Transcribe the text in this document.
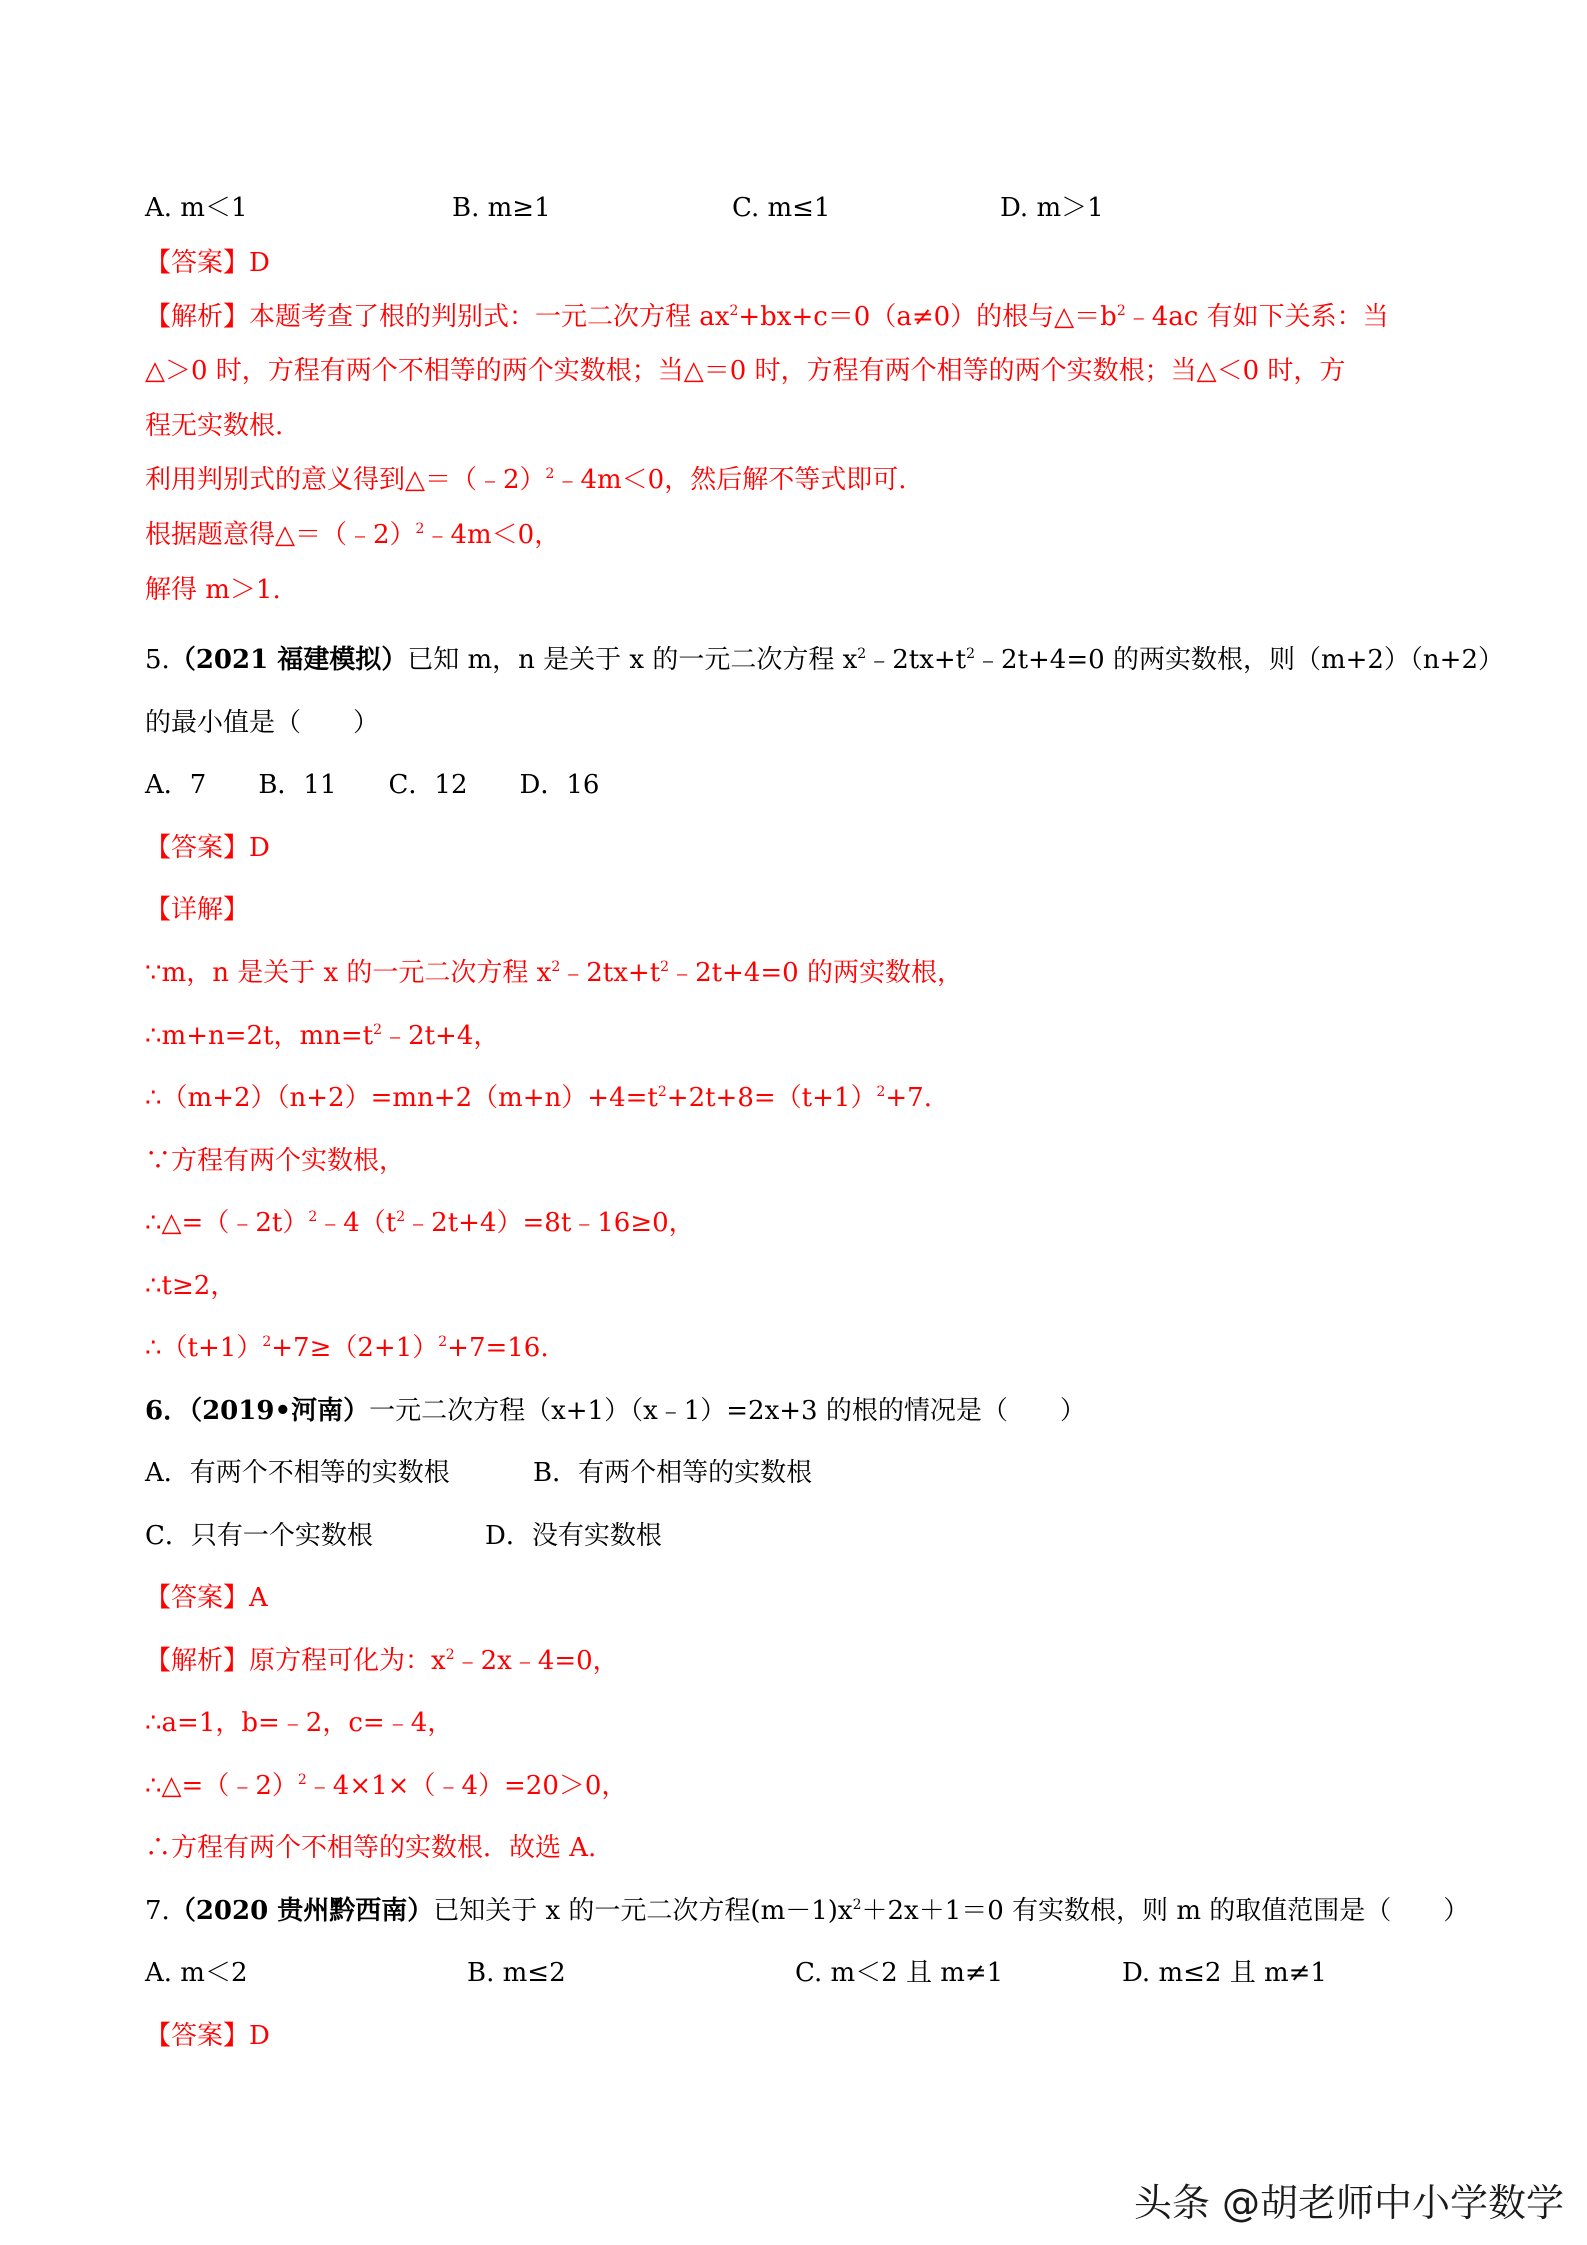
A. m＜1	B. m≥1	C. m≤1	D. m＞1
【答案】D
【解析】本题考查了根的判别式：一元二次方程 $ax^2+bx+c=0(a\ne 0)$的根与$\triangle=b^2﹣4ac$ 有如下关系：当
△＞0 时，方程有两个不相等的两个实数根；当△＝0 时，方程有两个相等的两个实数根；当△＜0 时，方
程无实数根.
利用判别式的意义得到△＝（﹣2）$^2$﹣4m＜0，然后解不等式即可.
根据题意得△＝（﹣2）$^2$﹣4m＜0，
解得 m＞1.
5.（2021 福建模拟）已知 m，n 是关于 x 的一元二次方程 $x^2﹣2tx+t^2﹣2t+4=0$ 的两实数根，则（m+2）（n+2）
的最小值是（　　）
A．7　　B．11　　C．12　　D．16
【答案】D
【详解】
∵m，n 是关于 x 的一元二次方程 $x^2﹣2tx+t^2﹣2t+4=0$ 的两实数根，
∴m+n=2t，$mn=t^2﹣2t+4$，
$\therefore(m+2)(n+2)=mn+2(m+n)+4=t^2+2t+8=(t+1)^2+7$.
∵方程有两个实数根，
$\therefore\triangle=(﹣2t)^2﹣4(t^2﹣2t+4)=8t﹣16\ge 0$，
∴t≥2，
$\therefore(t+1)^2+7\ge(2+1)^2+7=16$.
6．（2019•河南）一元二次方程（x+1）（x﹣1）=2x+3 的根的情况是（　　）
A．有两个不相等的实数根	B．有两个相等的实数根
C．只有一个实数根	D．没有实数根
【答案】A
【解析】原方程可化为：$x^2﹣2x﹣4=0$，
∴a=1，b=﹣2，c=﹣4，
∴△=（﹣2）$^2$﹣4×1×（﹣4）=20＞0，
∴方程有两个不相等的实数根．故选 A.
7.（2020 贵州黔西南）已知关于 x 的一元二次方程$(m-1)x^2+2x+1=0$ 有实数根，则 m 的取值范围是（　　）
A. m＜2	B. m≤2	C. m＜2 且 m≠1	D. m≤2 且 m≠1
【答案】D
头条 @胡老师中小学数学
